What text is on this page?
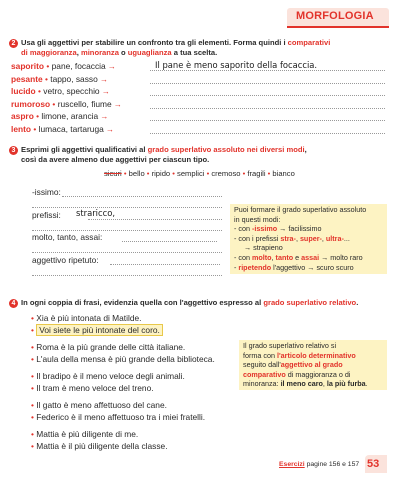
MORFOLOGIA
2 Usa gli aggettivi per stabilire un confronto tra gli elementi. Forma quindi i comparativi
di maggioranza, minoranza o uguaglianza a tua scelta.
saporito • pane, focaccia →	Il pane è meno saporito della focaccia.
pesante • tappo, sasso →
lucido • vetro, specchio →
rumoroso • ruscello, fiume →
aspro • limone, arancia →
lento • lumaca, tartaruga →
3 Esprimi gli aggettivi qualificativi al grado superlativo assoluto nei diversi modi,
così da avere almeno due aggettivi per ciascun tipo.
sicuri • bello • ripido • semplici • cremoso • fragili • bianco
-issimo:
prefissi: straricco,
molto, tanto, assai:
aggettivo ripetuto:
Puoi formare il grado superlativo assoluto
in questi modi:
- con -issimo → facilissimo
- con i prefissi stra-, super-, ultra-...
→ strapieno
- con molto, tanto e assai → molto raro
- ripetendo l'aggettivo → scuro scuro
4 In ogni coppia di frasi, evidenzia quella con l'aggettivo espresso al grado superlativo relativo.
• Xia è più intonata di Matilde.
• Voi siete le più intonate del coro.
• Roma è la più grande delle città italiane.
• L'aula della mensa è più grande della biblioteca.
• Il bradipo è il meno veloce degli animali.
• Il tram è meno veloce del treno.
• Il gatto è meno affettuoso del cane.
• Federico è il meno affettuoso tra i miei fratelli.
• Mattia è più diligente di me.
• Mattia è il più diligente della classe.
Il grado superlativo relativo si
forma con l'articolo determinativo
seguito dall'aggettivo al grado
comparativo di maggioranza o di
minoranza: il meno caro, la più furba.
Esercizi pagine 156 e 157 53
